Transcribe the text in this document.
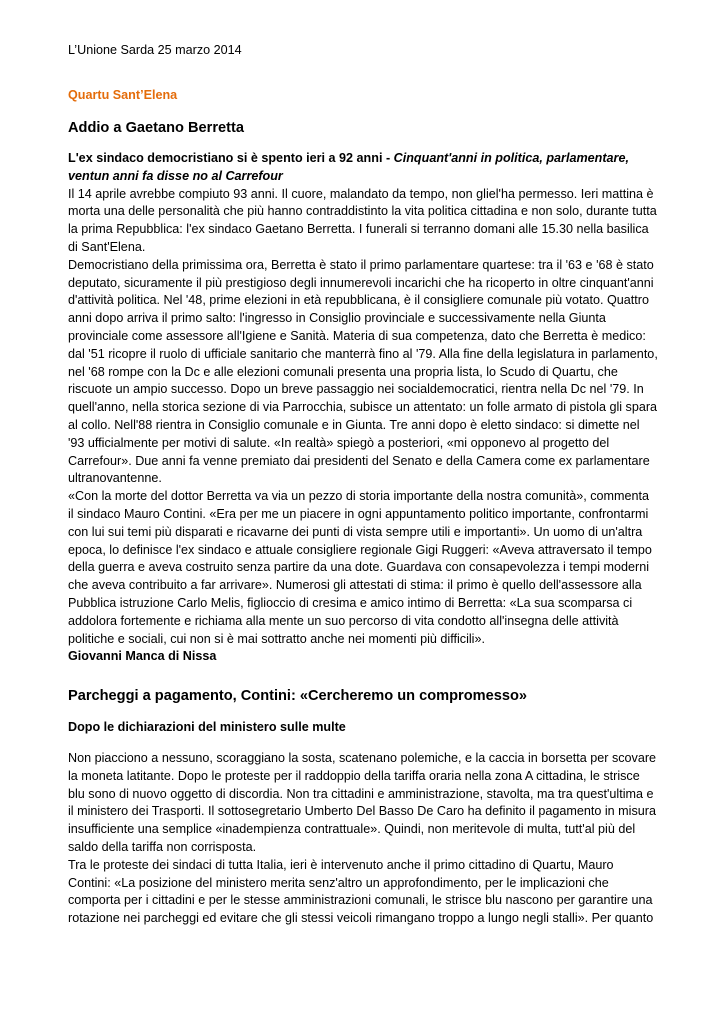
L’Unione Sarda 25 marzo 2014

Quartu Sant’Elena

Addio a Gaetano Berretta

L'ex sindaco democristiano si è spento ieri a 92 anni - Cinquant'anni in politica, parlamentare, ventun anni fa disse no al Carrefour

Il 14 aprile avrebbe compiuto 93 anni. Il cuore, malandato da tempo, non gliel'ha permesso. Ieri mattina è morta una delle personalità che più hanno contraddistinto la vita politica cittadina e non solo, durante tutta la prima Repubblica: l'ex sindaco Gaetano Berretta. I funerali si terranno domani alle 15.30 nella basilica di Sant'Elena.

Democristiano della primissima ora, Berretta è stato il primo parlamentare quartese: tra il '63 e '68 è stato deputato, sicuramente il più prestigioso degli innumerevoli incarichi che ha ricoperto in oltre cinquant'anni d'attività politica. Nel '48, prime elezioni in età repubblicana, è il consigliere comunale più votato. Quattro anni dopo arriva il primo salto: l'ingresso in Consiglio provinciale e successivamente nella Giunta provinciale come assessore all'Igiene e Sanità. Materia di sua competenza, dato che Berretta è medico: dal '51 ricopre il ruolo di ufficiale sanitario che manterrà fino al '79. Alla fine della legislatura in parlamento, nel '68 rompe con la Dc e alle elezioni comunali presenta una propria lista, lo Scudo di Quartu, che riscuote un ampio successo. Dopo un breve passaggio nei socialdemocratici, rientra nella Dc nel '79. In quell'anno, nella storica sezione di via Parrocchia, subisce un attentato: un folle armato di pistola gli spara al collo. Nell'88 rientra in Consiglio comunale e in Giunta. Tre anni dopo è eletto sindaco: si dimette nel '93 ufficialmente per motivi di salute. «In realtà» spiegò a posteriori, «mi opponevo al progetto del Carrefour». Due anni fa venne premiato dai presidenti del Senato e della Camera come ex parlamentare ultranovantenne.

«Con la morte del dottor Berretta va via un pezzo di storia importante della nostra comunità», commenta il sindaco Mauro Contini. «Era per me un piacere in ogni appuntamento politico importante, confrontarmi con lui sui temi più disparati e ricavarne dei punti di vista sempre utili e importanti». Un uomo di un'altra epoca, lo definisce l'ex sindaco e attuale consigliere regionale Gigi Ruggeri: «Aveva attraversato il tempo della guerra e aveva costruito senza partire da una dote. Guardava con consapevolezza i tempi moderni che aveva contribuito a far arrivare». Numerosi gli attestati di stima: il primo è quello dell'assessore alla Pubblica istruzione Carlo Melis, figlioccio di cresima e amico intimo di Berretta: «La sua scomparsa ci addolora fortemente e richiama alla mente un suo percorso di vita condotto all'insegna delle attività politiche e sociali, cui non si è mai sottratto anche nei momenti più difficili».

Giovanni Manca di Nissa

Parcheggi a pagamento, Contini: «Cercheremo un compromesso»

Dopo le dichiarazioni del ministero sulle multe

Non piacciono a nessuno, scoraggiano la sosta, scatenano polemiche, e la caccia in borsetta per scovare la moneta latitante. Dopo le proteste per il raddoppio della tariffa oraria nella zona A cittadina, le strisce blu sono di nuovo oggetto di discordia. Non tra cittadini e amministrazione, stavolta, ma tra quest'ultima e il ministero dei Trasporti. Il sottosegretario Umberto Del Basso De Caro ha definito il pagamento in misura insufficiente una semplice «inadempienza contrattuale». Quindi, non meritevole di multa, tutt'al più del saldo della tariffa non corrisposta.

Tra le proteste dei sindaci di tutta Italia, ieri è intervenuto anche il primo cittadino di Quartu, Mauro Contini: «La posizione del ministero merita senz'altro un approfondimento, per le implicazioni che comporta per i cittadini e per le stesse amministrazioni comunali, le strisce blu nascono per garantire una rotazione nei parcheggi ed evitare che gli stessi veicoli rimangano troppo a lungo negli stalli». Per quanto
